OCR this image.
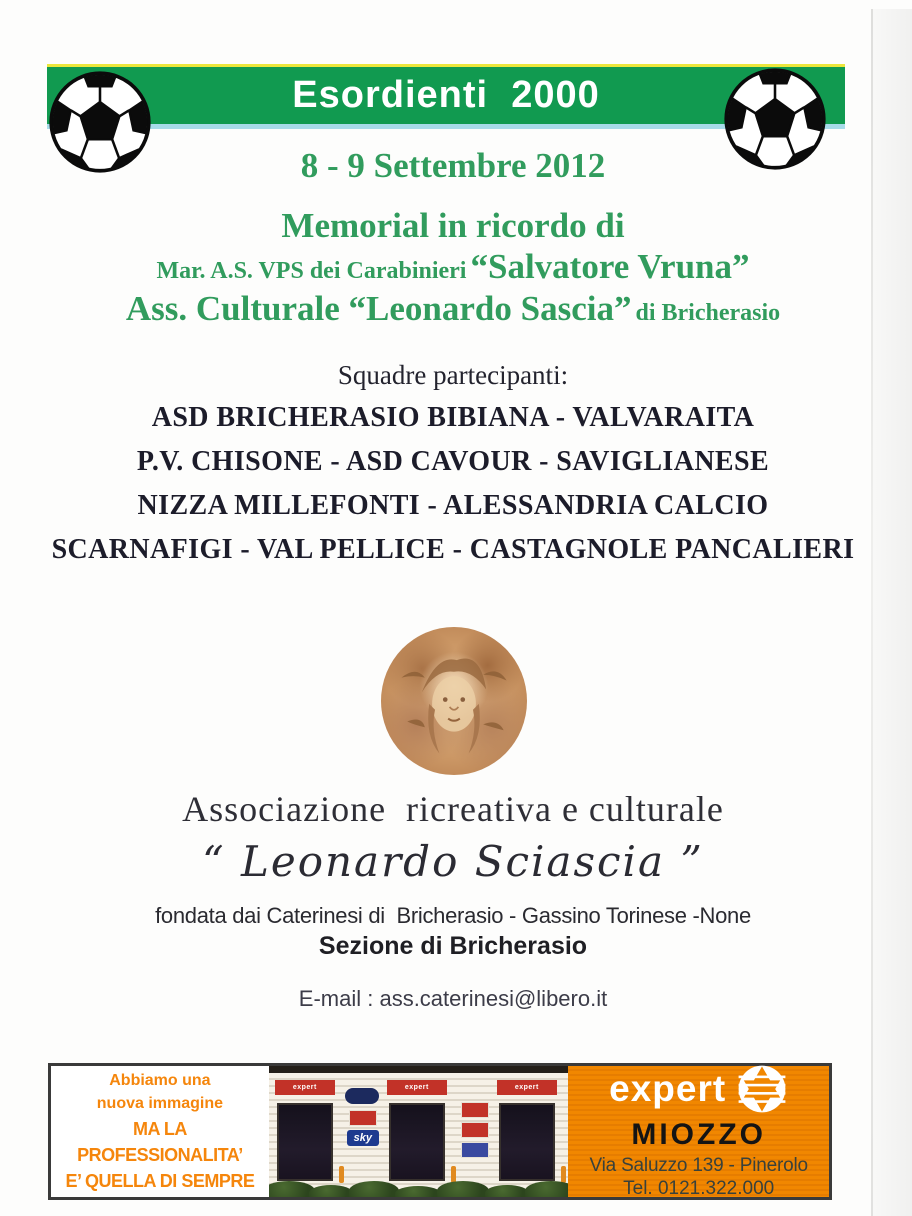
Esordienti  2000
8 - 9 Settembre 2012
Memorial in ricordo di
Mar. A.S. VPS dei Carabinieri “Salvatore Vruna”
Ass. Culturale “Leonardo Sascia” di Bricherasio
Squadre partecipanti:
ASD BRICHERASIO BIBIANA - VALVARAITA
P.V. CHISONE - ASD CAVOUR - SAVIGLIANESE
NIZZA MILLEFONTI - ALESSANDRIA CALCIO
SCARNAFIGI - VAL PELLICE - CASTAGNOLE PANCALIERI
Associazione  ricreativa e culturale
“ Leonardo Sciascia ”
fondata dai Caterinesi di  Bricherasio - Gassino Torinese -None
Sezione di Bricherasio
E-mail : ass.caterinesi@libero.it
Abbiamo una
nuova immagine
MA LA PROFESSIONALITA’
E’ QUELLA DI SEMPRE
expert	expert	expert
sky
expert
MIOZZO
Via Saluzzo 139 - Pinerolo
Tel. 0121.322.000
